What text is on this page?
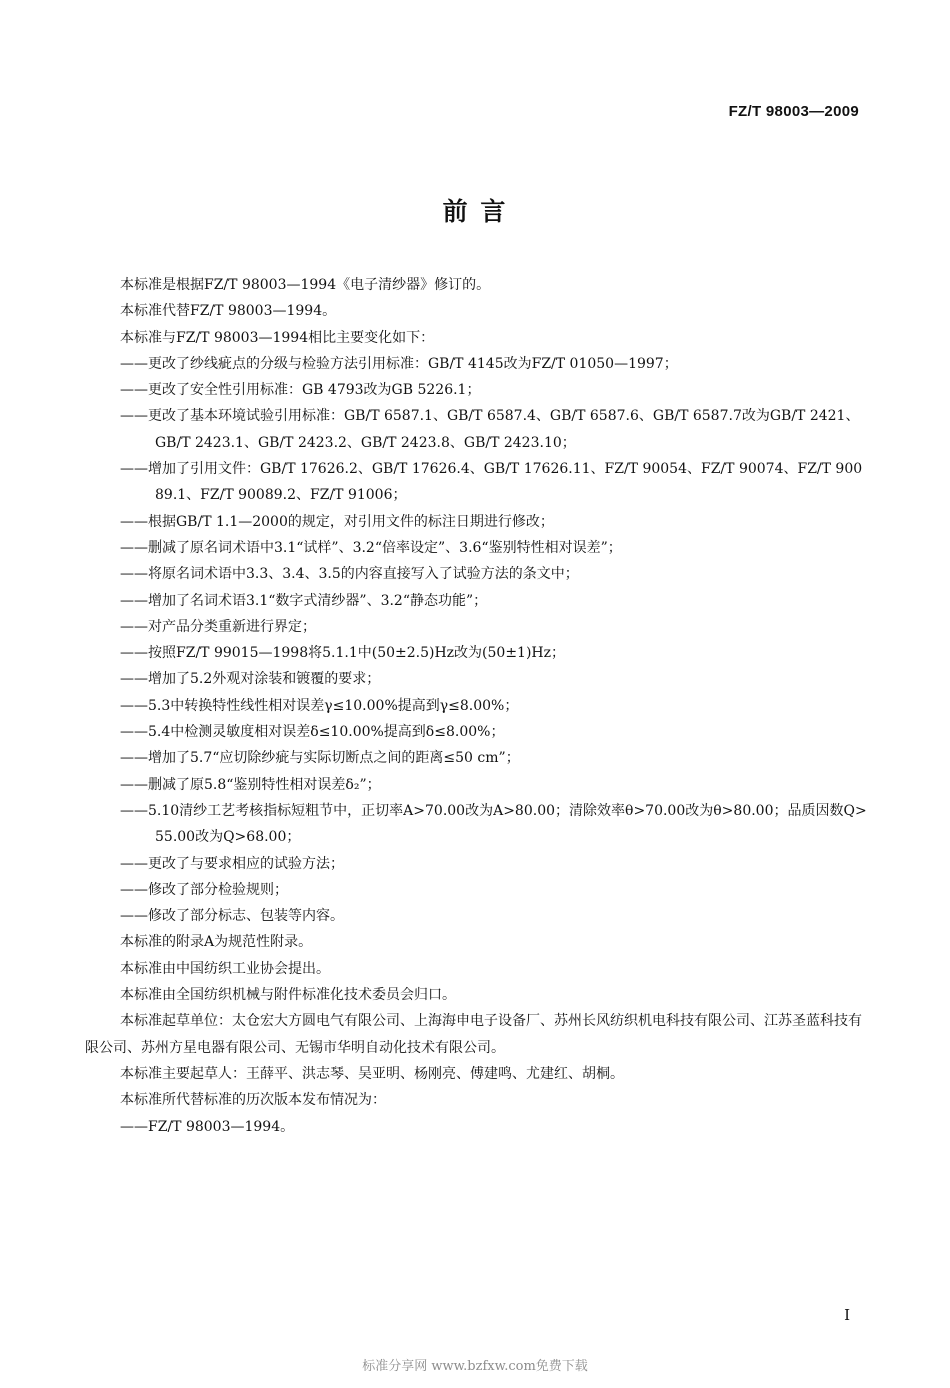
FZ/T 98003—2009
前 言

本标准是根据FZ/T 98003—1994《电子清纱器》修订的。

本标准代替FZ/T 98003—1994。

本标准与FZ/T 98003—1994相比主要变化如下：

——更改了纱线疵点的分级与检验方法引用标准：GB/T 4145改为FZ/T 01050—1997；

——更改了安全性引用标准：GB 4793改为GB 5226.1；

——更改了基本环境试验引用标准：GB/T 6587.1、GB/T 6587.4、GB/T 6587.6、GB/T 6587.7改为GB/T 2421、GB/T 2423.1、GB/T 2423.2、GB/T 2423.8、GB/T 2423.10；

——增加了引用文件：GB/T 17626.2、GB/T 17626.4、GB/T 17626.11、FZ/T 90054、FZ/T 90074、FZ/T 90089.1、FZ/T 90089.2、FZ/T 91006；

——根据GB/T 1.1—2000的规定，对引用文件的标注日期进行修改；

——删减了原名词术语中3.1“试样”、3.2“倍率设定”、3.6“鉴别特性相对误差”；

——将原名词术语中3.3、3.4、3.5的内容直接写入了试验方法的条文中；

——增加了名词术语3.1“数字式清纱器”、3.2“静态功能”；

——对产品分类重新进行界定；

——按照FZ/T 99015—1998将5.1.1中(50±2.5)Hz改为(50±1)Hz；

——增加了5.2外观对涂装和镀覆的要求；

——5.3中转换特性线性相对误差γ≤10.00%提高到γ≤8.00%；

——5.4中检测灵敏度相对误差δ≤10.00%提高到δ≤8.00%；

——增加了5.7“应切除纱疵与实际切断点之间的距离≤50 cm”；

——删减了原5.8“鉴别特性相对误差δ₂”；

——5.10清纱工艺考核指标短粗节中，正切率A>70.00改为A>80.00；清除效率θ>70.00改为θ>80.00；品质因数Q>55.00改为Q>68.00；

——更改了与要求相应的试验方法；

——修改了部分检验规则；

——修改了部分标志、包装等内容。

本标准的附录A为规范性附录。

本标准由中国纺织工业协会提出。

本标准由全国纺织机械与附件标准化技术委员会归口。

本标准起草单位：太仓宏大方圆电气有限公司、上海海申电子设备厂、苏州长风纺织机电科技有限公司、江苏圣蓝科技有限公司、苏州方星电器有限公司、无锡市华明自动化技术有限公司。

本标准主要起草人：王薛平、洪志琴、吴亚明、杨刚亮、傅建鸣、尤建红、胡桐。

本标准所代替标准的历次版本发布情况为：

——FZ/T 98003—1994。

I
标准分享网 www.bzfxw.com免费下载
